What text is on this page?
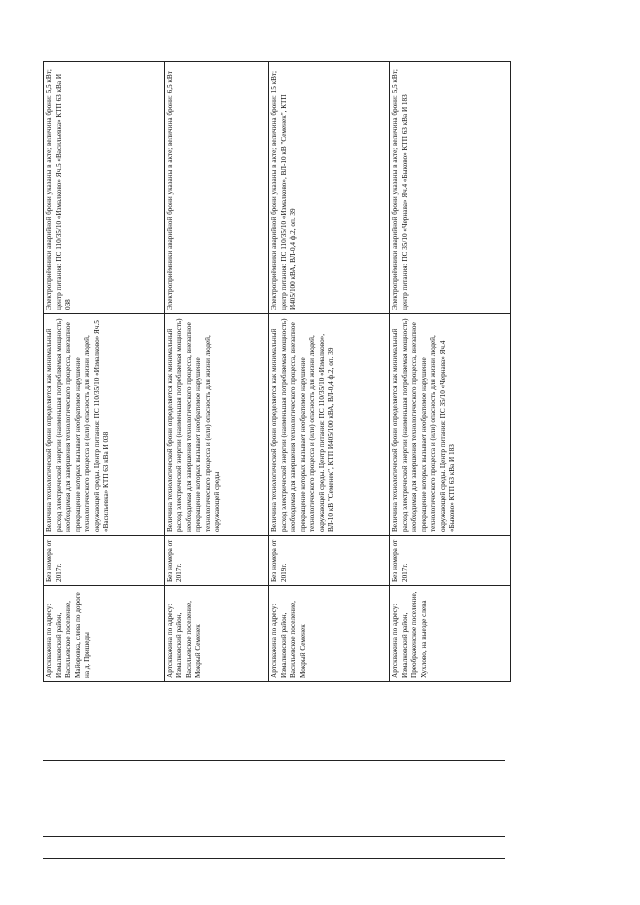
Артскважина по адресу: Измалковский район, Васильевское поселение, Майоровка, слева по дороге на д. Пришеды	Без номера от 2017г.	Величина технологической брони определяется как минимальный расход электрической энергии (наименьшая потребляемая мощность) необходимая для завершения технологического процесса, внезапное прекращение которых вызывает необратимое нарушение технологического процесса и (или) опасность для жизни людей, окружающей среды. Центр питания: ПС 110/35/10 «Измалково» Яч.5 «Васильевка» КТП 63 кВа И 038	Электроприёмники аварийной брони указаны в акте; величина брони: 5,5 кВт; центр питания: ПС 110/35/10 «Измалково» Яч.5 «Васильевка» КТП 63 кВа И 038
Артскважина по адресу: Измалковский район, Васильевское поселение, Мокрый Семенек	Без номера от 2017г.	Величина технологической брони определяется как минимальный расход электрической энергии (наименьшая потребляемая мощность) необходимая для завершения технологического процесса, внезапное прекращение которых вызывает необратимое нарушение технологического процесса и (или) опасность для жизни людей, окружающей среды	Электроприёмники аварийной брони указаны в акте; величина брони: 6,5 кВт
Артскважина по адресу: Измалковский район, Васильевское поселение, Мокрый Семенек	Без номера от 2019г.	Величина технологической брони определяется как минимальный расход электрической энергии (наименьшая потребляемая мощность) необходимая для завершения технологического процесса, внезапное прекращение которых вызывает необратимое нарушение технологического процесса и (или) опасность для жизни людей, окружающей среды. Центр питания: ПС 110/35/10 «Измалково», ВЛ-10 кВ "Семенек", КТП И405/100 кВА, ВЛ-0,4 ф.2, оп. 39	Электроприёмники аварийной брони указаны в акте; величина брони: 15 кВт; центр питания: ПС 110/35/10 «Измалково», ВЛ-10 кВ "Семенек", КТП И405/100 кВА, ВЛ-0,4 ф.2, оп. 39
Артскважина по адресу: Измалковский район, Преображенское поселение, Хухлово, на выезде слева	Без номера от 2017г.	Величина технологической брони определяется как минимальный расход электрической энергии (наименьшая потребляемая мощность) необходимая для завершения технологического процесса, внезапное прекращение которых вызывает необратимое нарушение технологического процесса и (или) опасность для жизни людей, окружающей среды. Центр питания: ПС 35/10 «Чернава» Яч.4 «Быково» КТП 63 кВа И 183	Электроприёмники аварийной брони указаны в акте; величина брони: 5,5 кВт; центр питания: ПС 35/10 «Чернава» Яч.4 «Быково» КТП 63 кВа И 183
